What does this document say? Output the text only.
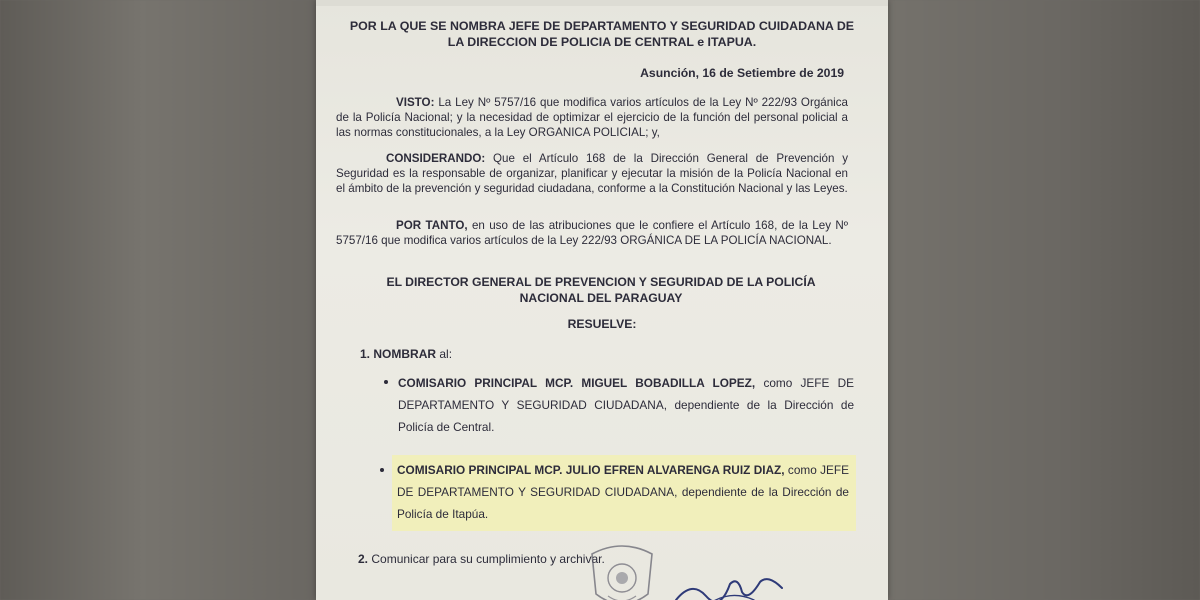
POR LA QUE SE NOMBRA JEFE DE DEPARTAMENTO Y SEGURIDAD CUIDADANA DE LA DIRECCION DE POLICIA DE CENTRAL e ITAPUA.
Asunción, 16 de Setiembre de 2019
VISTO: La Ley Nº 5757/16 que modifica varios artículos de la Ley Nº 222/93 Orgánica de la Policía Nacional; y la necesidad de optimizar el ejercicio de la función del personal policial a las normas constitucionales, a la Ley ORGANICA POLICIAL; y,
CONSIDERANDO: Que el Artículo 168 de la Dirección General de Prevención y Seguridad es la responsable de organizar, planificar y ejecutar la misión de la Policía Nacional en el ámbito de la prevención y seguridad ciudadana, conforme a la Constitución Nacional y las Leyes.
POR TANTO, en uso de las atribuciones que le confiere el Artículo 168, de la Ley Nº 5757/16 que modifica varios artículos de la Ley 222/93 ORGÁNICA DE LA POLICÍA NACIONAL.
EL DIRECTOR GENERAL DE PREVENCION Y SEGURIDAD DE LA POLICÍA NACIONAL DEL PARAGUAY
RESUELVE:
1. NOMBRAR al:
COMISARIO PRINCIPAL MCP. MIGUEL BOBADILLA LOPEZ, como JEFE DE DEPARTAMENTO Y SEGURIDAD CIUDADANA, dependiente de la Dirección de Policía de Central.
COMISARIO PRINCIPAL MCP. JULIO EFREN ALVARENGA RUIZ DIAZ, como JEFE DE DEPARTAMENTO Y SEGURIDAD CIUDADANA, dependiente de la Dirección de Policía de Itapúa.
2. Comunicar para su cumplimiento y archivar.
